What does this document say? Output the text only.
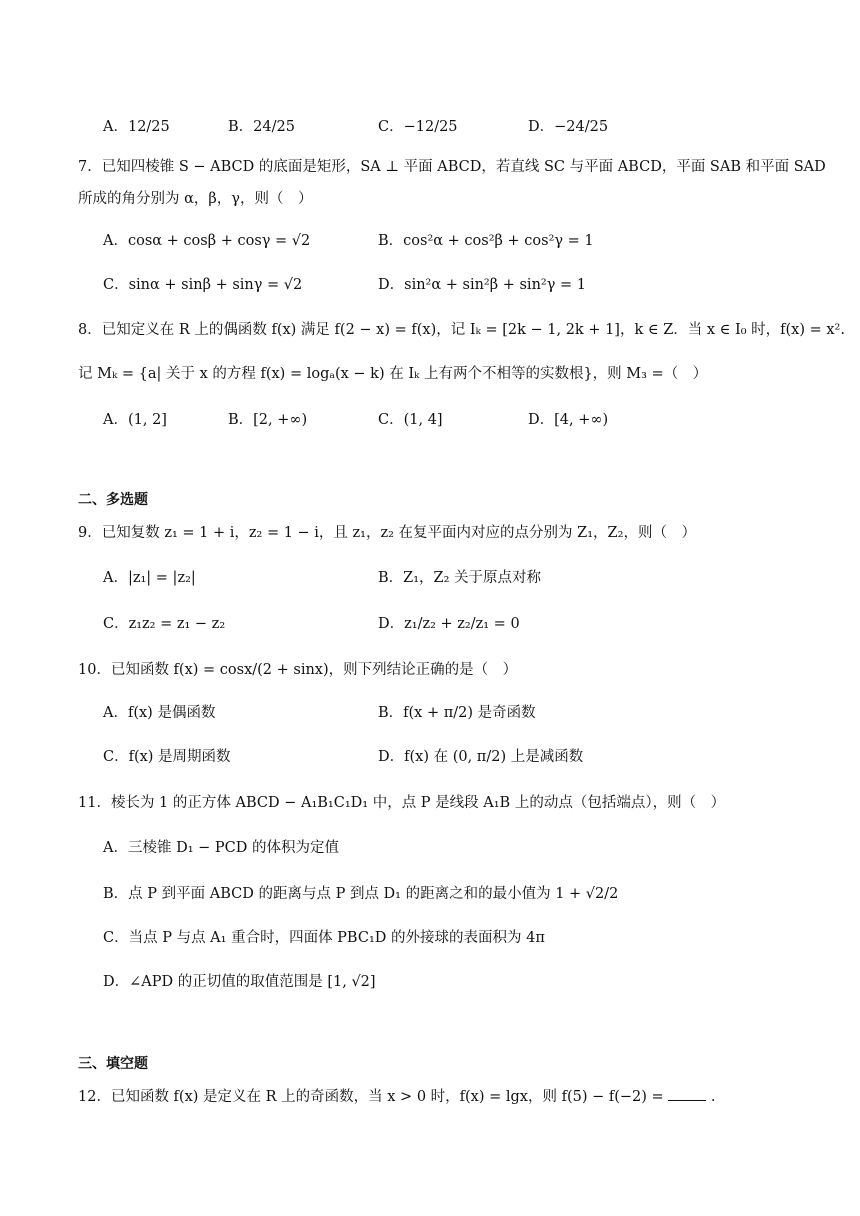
A．12/25	B．24/25	C．−12/25	D．−24/25
7．已知四棱锥 S − ABCD 的底面是矩形，SA ⊥ 平面 ABCD，若直线 SC 与平面 ABCD，平面 SAB 和平面 SAD
所成的角分别为 α，β，γ，则（　）
A．cosα + cosβ + cosγ = √2	B．cos²α + cos²β + cos²γ = 1
C．sinα + sinβ + sinγ = √2	D．sin²α + sin²β + sin²γ = 1
8．已知定义在 R 上的偶函数 f(x) 满足 f(2 − x) = f(x)，记 Iₖ = [2k − 1, 2k + 1]，k ∈ Z．当 x ∈ I₀ 时，f(x) = x².
记 Mₖ = {a| 关于 x 的方程 f(x) = logₐ(x − k) 在 Iₖ 上有两个不相等的实数根}，则 M₃ =（　）
A．(1, 2]	B．[2, +∞)	C．(1, 4]	D．[4, +∞)
二、多选题
9．已知复数 z₁ = 1 + i，z₂ = 1 − i，且 z₁，z₂ 在复平面内对应的点分别为 Z₁，Z₂，则（　）
A．|z₁| = |z₂|	B．Z₁，Z₂ 关于原点对称
C．z₁z₂ = z₁ − z₂	D．z₁/z₂ + z₂/z₁ = 0
10．已知函数 f(x) = cosx/(2 + sinx)，则下列结论正确的是（　）
A．f(x) 是偶函数	B．f(x + π/2) 是奇函数
C．f(x) 是周期函数	D．f(x) 在 (0, π/2) 上是减函数
11．棱长为 1 的正方体 ABCD − A₁B₁C₁D₁ 中，点 P 是线段 A₁B 上的动点（包括端点），则（　）
A．三棱锥 D₁ − PCD 的体积为定值
B．点 P 到平面 ABCD 的距离与点 P 到点 D₁ 的距离之和的最小值为 1 + √2/2
C．当点 P 与点 A₁ 重合时，四面体 PBC₁D 的外接球的表面积为 4π
D．∠APD 的正切值的取值范围是 [1, √2]
三、填空题
12．已知函数 f(x) 是定义在 R 上的奇函数，当 x > 0 时，f(x) = lgx，则 f(5) − f(−2) =	.
